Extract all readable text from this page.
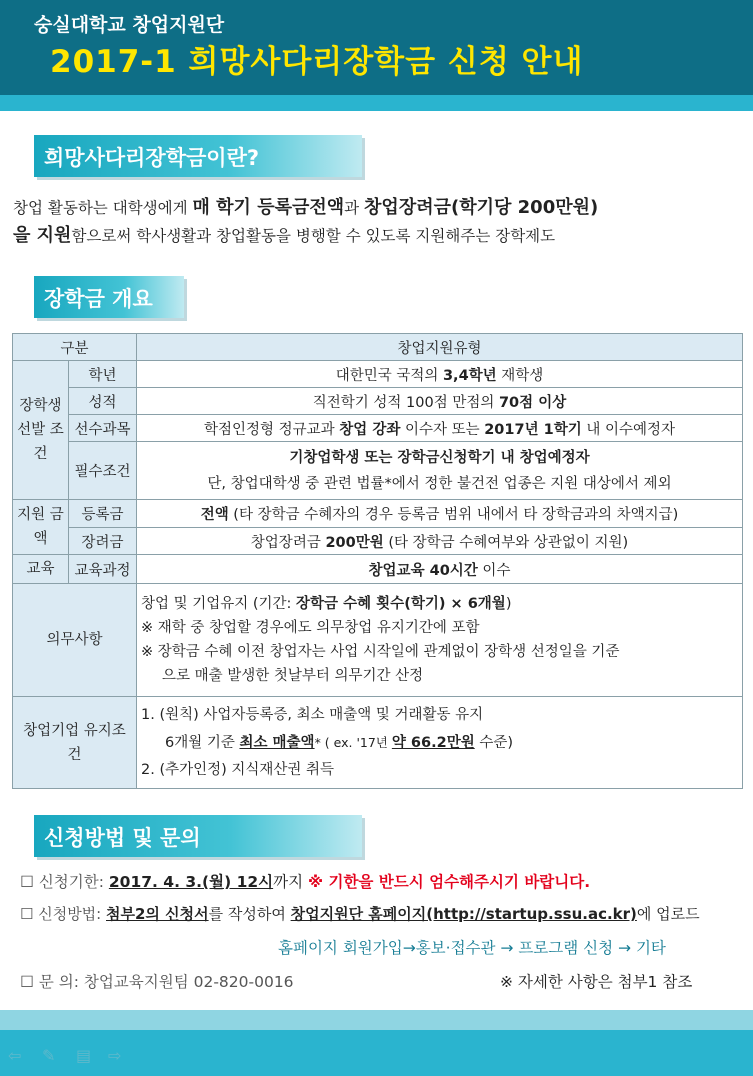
숭실대학교 창업지원단
2017-1 희망사다리장학금 신청 안내
희망사다리장학금이란?
창업 활동하는 대학생에게 매 학기 등록금전액과 창업장려금(학기당 200만원)
을 지원함으로써 학사생활과 창업활동을 병행할 수 있도록 지원해주는 장학제도
장학금 개요
구분		창업지원유형
장학생 선발 조건	학년	대한민국 국적의 3,4학년 재학생
	성적	직전학기 성적 100점 만점의 70점 이상
	선수과목	학점인정형 정규교과 창업 강좌 이수자 또는 2017년 1학기 내 이수예정자
	필수조건	기창업학생 또는 장학금신청학기 내 창업예정자
단, 창업대학생 중 관련 법률*에서 정한 불건전 업종은 지원 대상에서 제외
지원 금액	등록금	전액 (타 장학금 수혜자의 경우 등록금 범위 내에서 타 장학금과의 차액지급)
	장려금	창업장려금 200만원 (타 장학금 수혜여부와 상관없이 지원)
교육	교육과정	창업교육 40시간 이수
의무사항		창업 및 기업유지 (기간: 장학금 수혜 횟수(학기) × 6개월)
※ 재학 중 창업할 경우에도 의무창업 유지기간에 포함
※ 장학금 수혜 이전 창업자는 사업 시작일에 관계없이 장학생 선정일을 기준
으로 매출 발생한 첫날부터 의무기간 산정

창업기업 유지조건		1. (원칙) 사업자등록증, 최소 매출액 및 거래활동 유지
6개월 기준 최소 매출액* ( ex. '17년 약 66.2만원 수준)
2. (추가인정) 지식재산권 취득
신청방법 및 문의
☐ 신청기한: 2017. 4. 3.(월) 12시까지 ※ 기한을 반드시 엄수해주시기 바랍니다.
☐ 신청방법: 첨부2의 신청서를 작성하여 창업지원단 홈페이지(http://startup.ssu.ac.kr)에 업로드
홈페이지 회원가입→홍보·접수관 → 프로그램 신청 → 기타
☐ 문 의: 창업교육지원팀 02-820-0016	※ 자세한 사항은 첨부1 참조
⇦ ✎ ▤ ⇨
